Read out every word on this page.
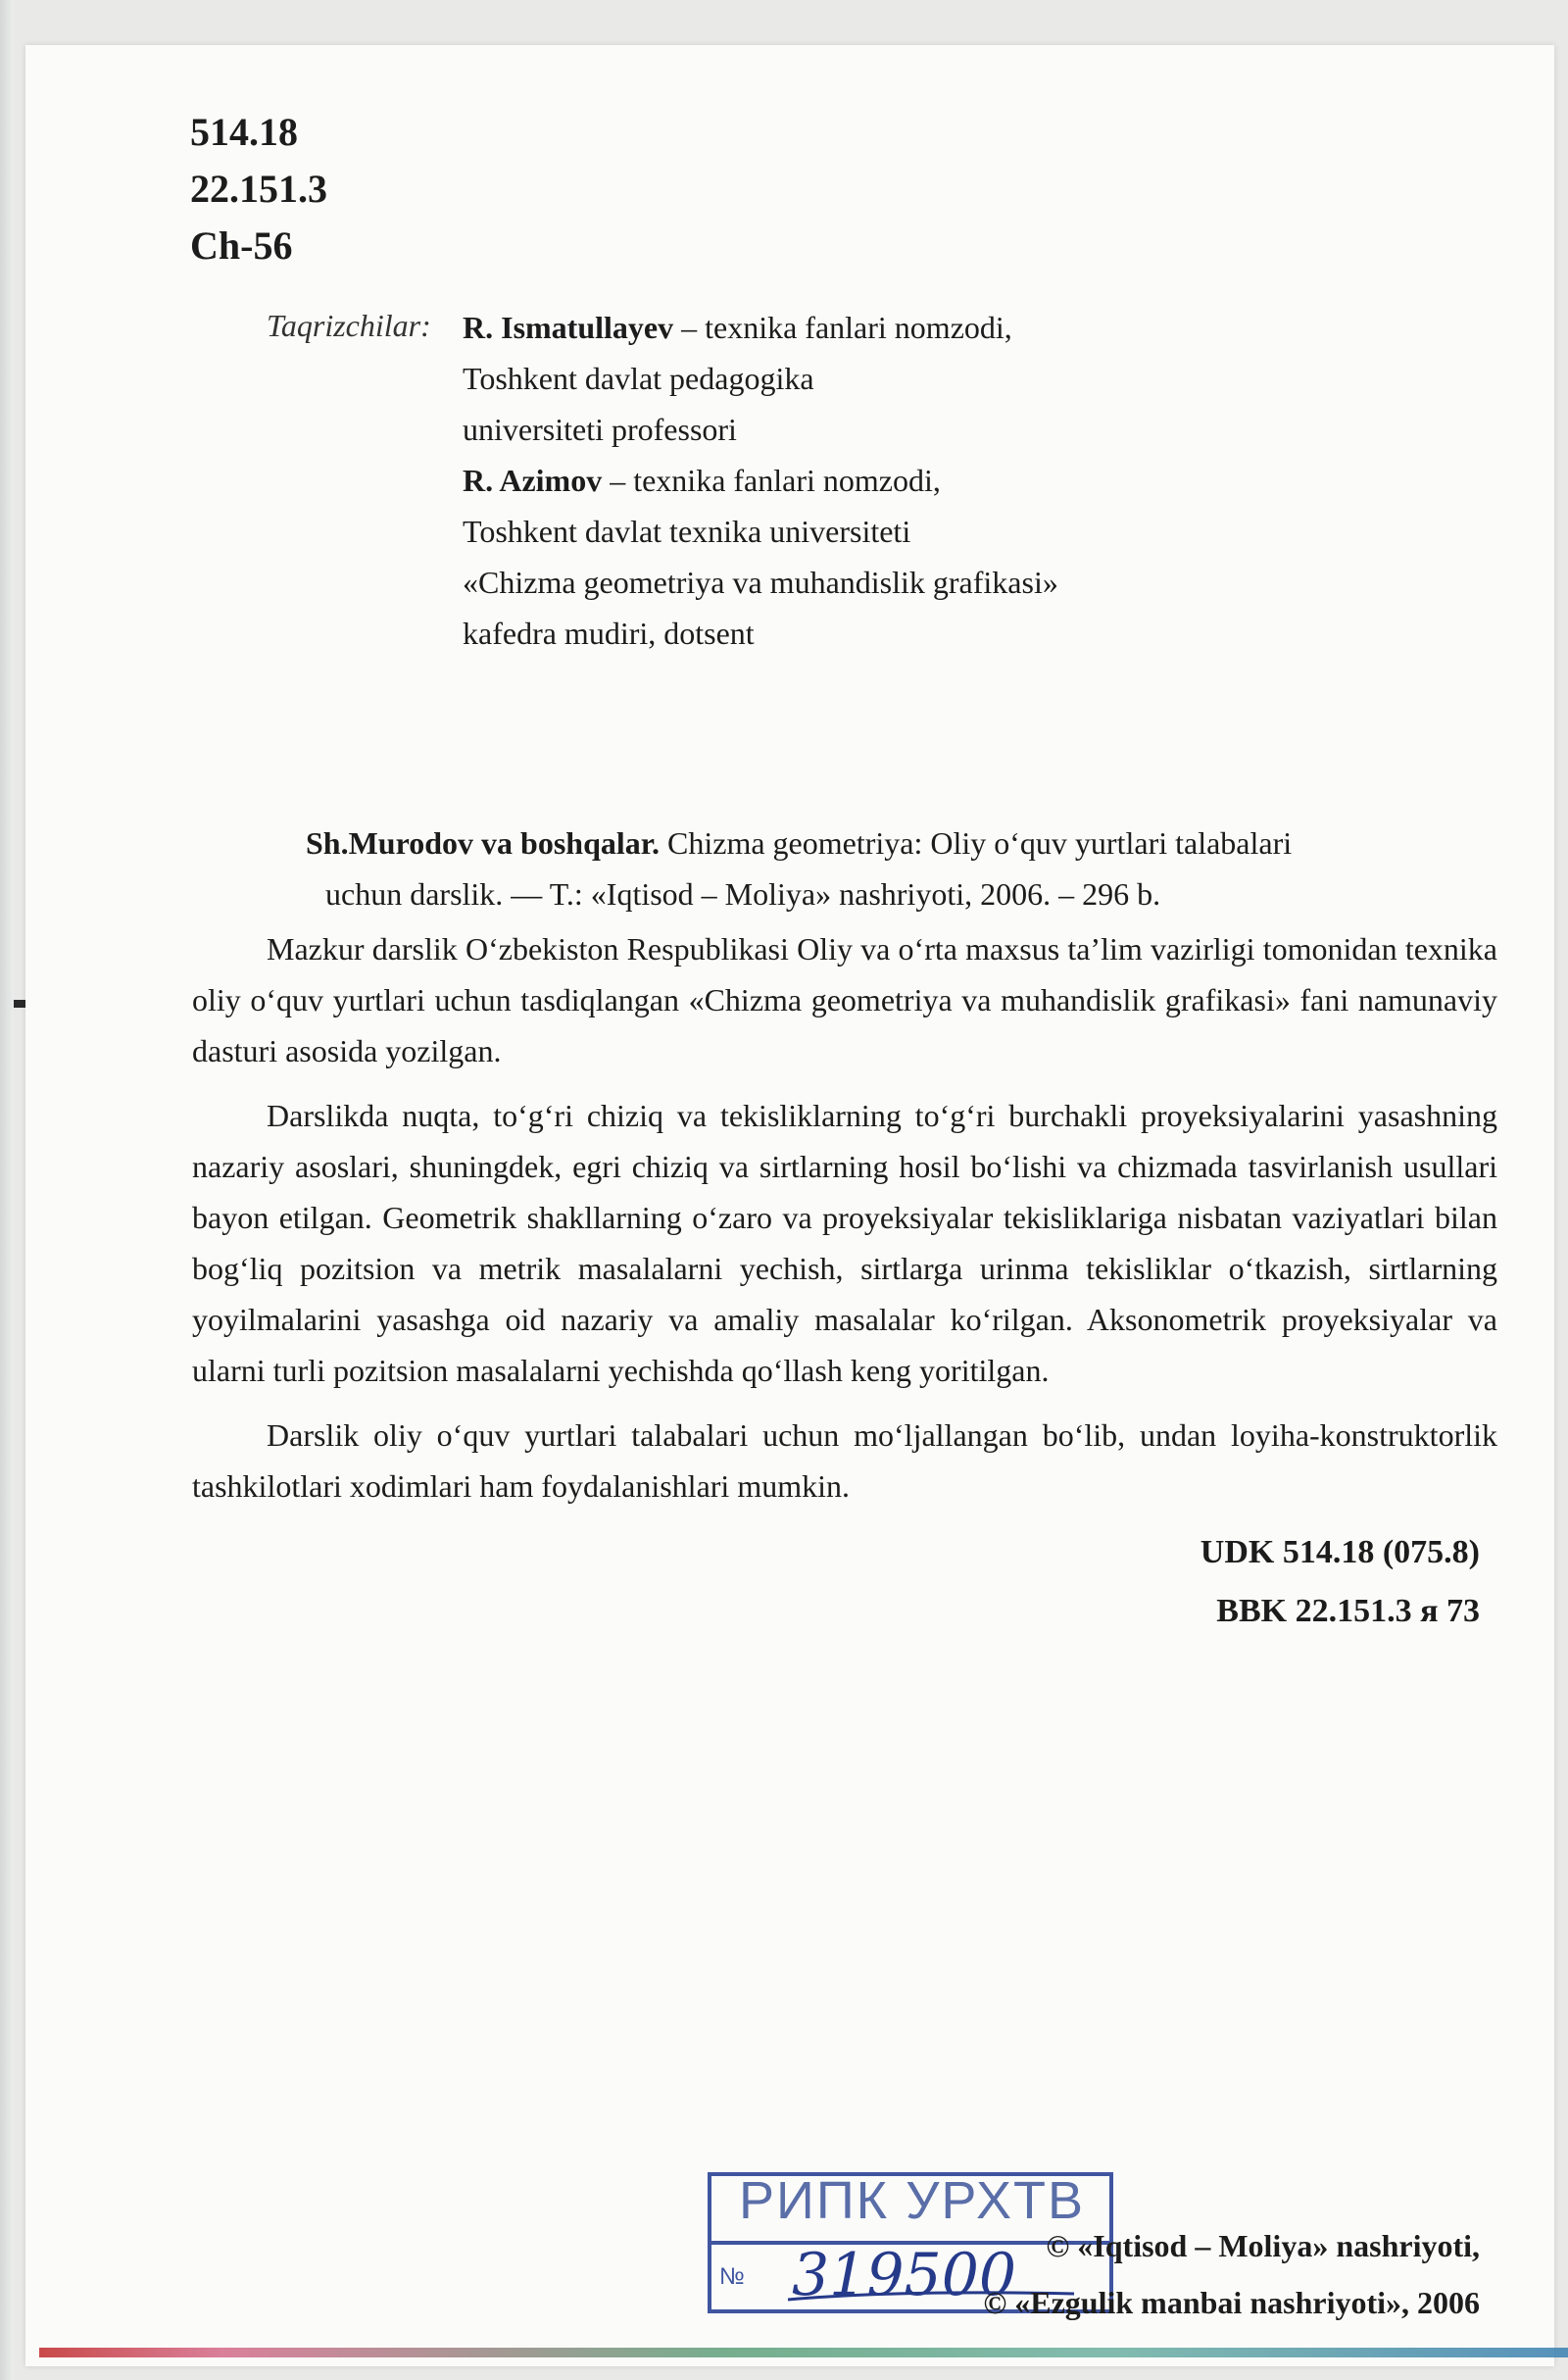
514.18
22.151.3
Ch-56
Taqrizchilar: R. Ismatullayev – texnika fanlari nomzodi,
Toshkent davlat pedagogika
universiteti professori
R. Azimov – texnika fanlari nomzodi,
Toshkent davlat texnika universiteti
«Chizma geometriya va muhandislik grafikasi»
kafedra mudiri, dotsent
Sh.Murodov va boshqalar. Chizma geometriya: Oliy o‘quv yurtlari talabalari
uchun darslik. — T.: «Iqtisod – Moliya» nashriyoti, 2006. – 296 b.

Mazkur darslik O‘zbekiston Respublikasi Oliy va o‘rta maxsus ta’lim vazirligi tomonidan texnika oliy o‘quv yurtlari uchun tasdiqlangan «Chizma geometriya va muhandislik grafikasi» fani namunaviy dasturi asosida yozilgan.

Darslikda nuqta, to‘g‘ri chiziq va tekisliklarning to‘g‘ri burchakli proyeksiyalarini yasashning nazariy asoslari, shuningdek, egri chiziq va sirtlarning hosil bo‘lishi va chizmada tasvirlanish usullari bayon etilgan. Geometrik shakllarning o‘zaro va proyeksiyalar tekisliklariga nisbatan vaziyatlari bilan bog‘liq pozitsion va metrik masalalarni yechish, sirtlarga urinma tekisliklar o‘tkazish, sirtlarning yoyilmalarini yasashga oid nazariy va amaliy masalalar ko‘rilgan. Aksonometrik proyeksiyalar va ularni turli pozitsion masalalarni yechishda qo‘llash keng yoritilgan.

Darslik oliy o‘quv yurtlari talabalari uchun mo‘ljallangan bo‘lib, undan loyiha-konstruktorlik tashkilotlari xodimlari ham foydalanishlari mumkin.

UDK 514.18 (075.8)
BBK 22.151.3 я 73
№
РИПК УРХТВ
319500 © «Iqtisod – Moliya» nashriyoti,
© «Ezgulik manbai nashriyoti», 2006
